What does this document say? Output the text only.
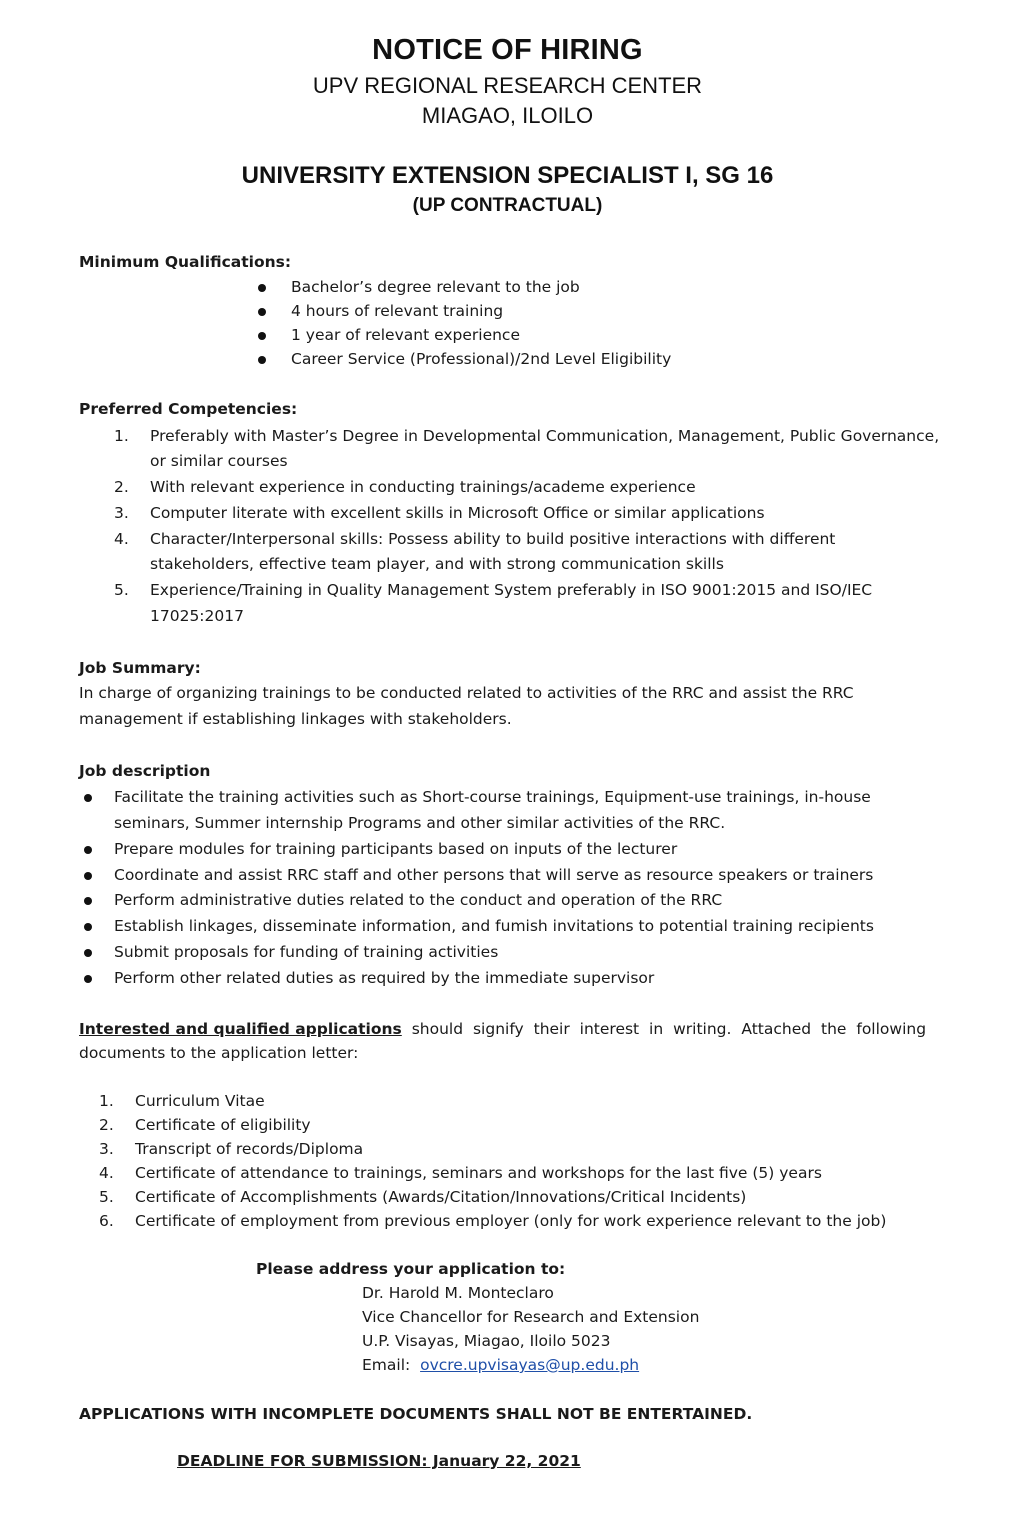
NOTICE OF HIRING
UPV REGIONAL RESEARCH CENTER
MIAGAO, ILOILO
UNIVERSITY EXTENSION SPECIALIST I, SG 16
(UP CONTRACTUAL)
Minimum Qualifications:
Bachelor’s degree relevant to the job
4 hours of relevant training
1 year of relevant experience
Career Service (Professional)/2nd Level Eligibility
Preferred Competencies:
1. Preferably with Master’s Degree in Developmental Communication, Management, Public Governance,
or similar courses
2. With relevant experience in conducting trainings/academe experience
3. Computer literate with excellent skills in Microsoft Office or similar applications
4. Character/Interpersonal skills: Possess ability to build positive interactions with different
stakeholders, effective team player, and with strong communication skills
5. Experience/Training in Quality Management System preferably in ISO 9001:2015 and ISO/IEC
17025:2017
Job Summary:
In charge of organizing trainings to be conducted related to activities of the RRC and assist the RRC
management if establishing linkages with stakeholders.
Job description
Facilitate the training activities such as Short-course trainings, Equipment-use trainings, in-house
seminars, Summer internship Programs and other similar activities of the RRC.
Prepare modules for training participants based on inputs of the lecturer
Coordinate and assist RRC staff and other persons that will serve as resource speakers or trainers
Perform administrative duties related to the conduct and operation of the RRC
Establish linkages, disseminate information, and fumish invitations to potential training recipients
Submit proposals for funding of training activities
Perform other related duties as required by the immediate supervisor
Interested and qualified applications should signify their interest in writing. Attached the following
documents to the application letter:
1. Curriculum Vitae
2. Certificate of eligibility
3. Transcript of records/Diploma
4. Certificate of attendance to trainings, seminars and workshops for the last five (5) years
5. Certificate of Accomplishments (Awards/Citation/Innovations/Critical Incidents)
6. Certificate of employment from previous employer (only for work experience relevant to the job)
Please address your application to:
Dr. Harold M. Monteclaro
Vice Chancellor for Research and Extension
U.P. Visayas, Miagao, Iloilo 5023
Email: ovcre.upvisayas@up.edu.ph
APPLICATIONS WITH INCOMPLETE DOCUMENTS SHALL NOT BE ENTERTAINED.
DEADLINE FOR SUBMISSION: January 22, 2021
